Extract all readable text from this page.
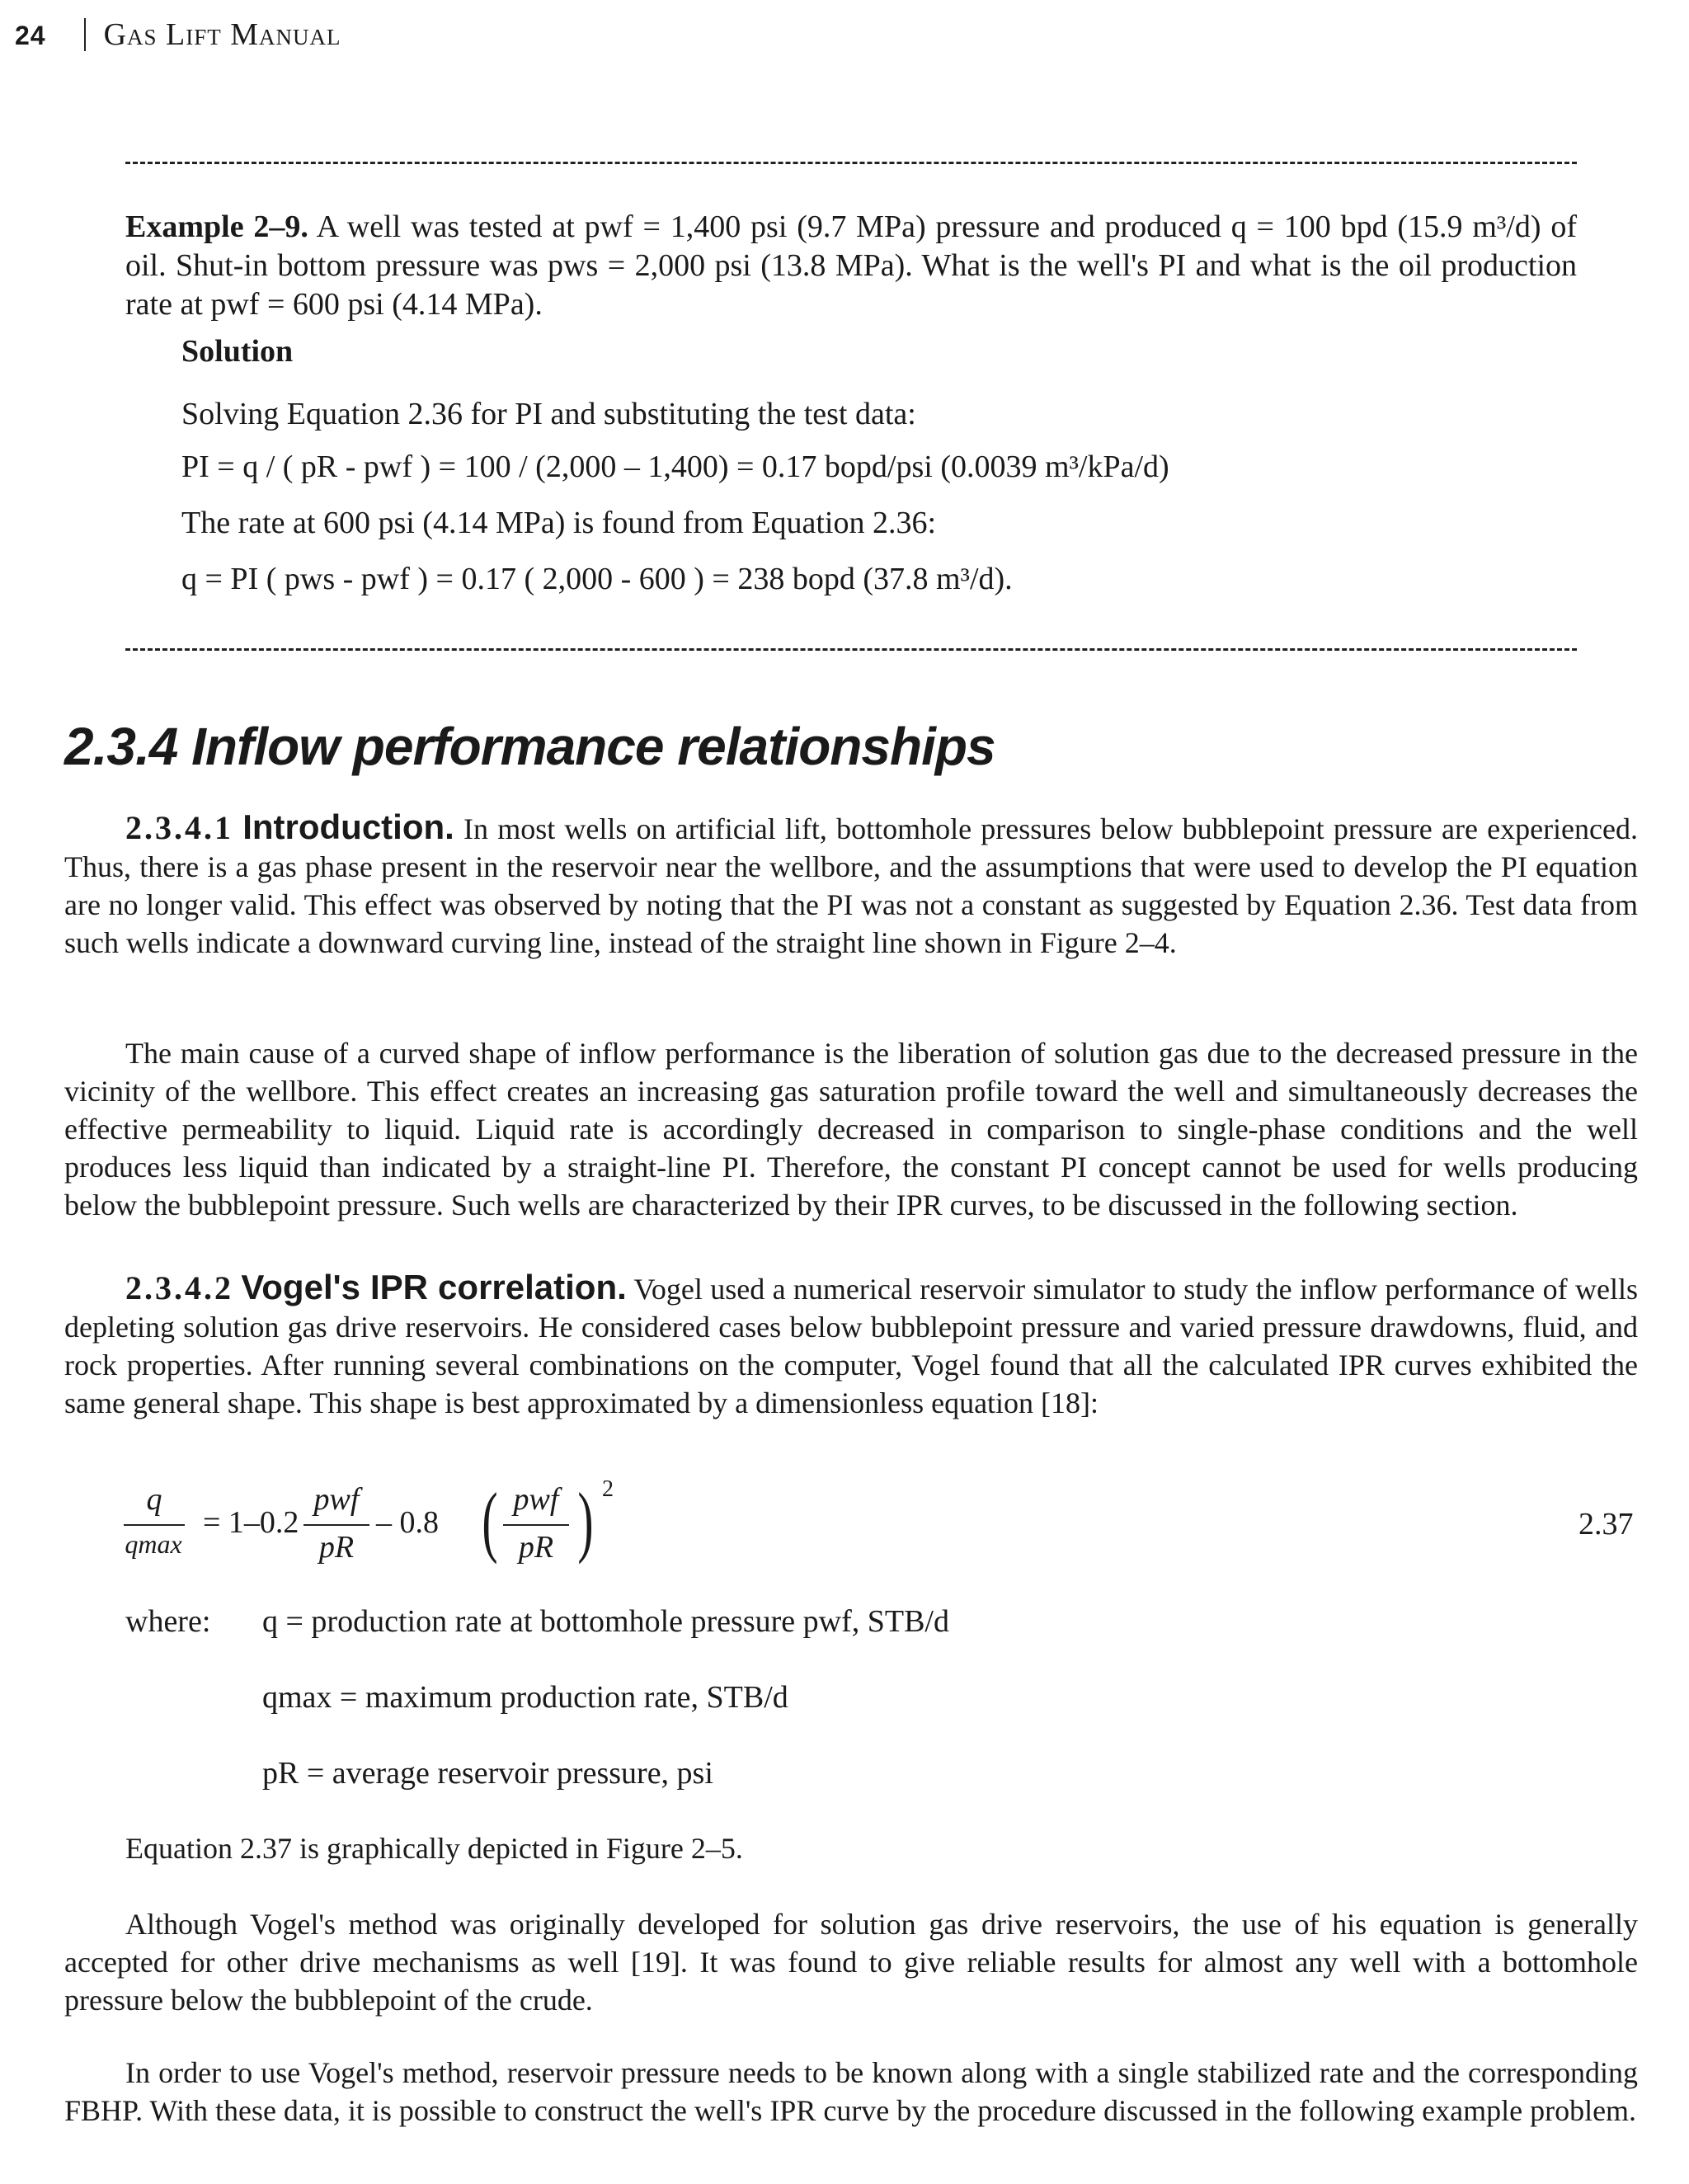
24 Gas Lift Manual
Example 2–9. A well was tested at pwf = 1,400 psi (9.7 MPa) pressure and produced q = 100 bpd (15.9 m³/d) of oil. Shut-in bottom pressure was pws = 2,000 psi (13.8 MPa). What is the well's PI and what is the oil production rate at pwf = 600 psi (4.14 MPa).
Solution
Solving Equation 2.36 for PI and substituting the test data:
PI = q / ( pR - pwf ) = 100 / (2,000 – 1,400) = 0.17 bopd/psi (0.0039 m³/kPa/d)
The rate at 600 psi (4.14 MPa) is found from Equation 2.36:
q = PI ( pws - pwf ) = 0.17 ( 2,000 - 600 ) = 238 bopd (37.8 m³/d).
2.3.4 Inflow performance relationships
2.3.4.1 Introduction. In most wells on artificial lift, bottomhole pressures below bubblepoint pressure are experienced. Thus, there is a gas phase present in the reservoir near the wellbore, and the assumptions that were used to develop the PI equation are no longer valid. This effect was observed by noting that the PI was not a constant as suggested by Equation 2.36. Test data from such wells indicate a downward curving line, instead of the straight line shown in Figure 2–4.
The main cause of a curved shape of inflow performance is the liberation of solution gas due to the decreased pressure in the vicinity of the wellbore. This effect creates an increasing gas saturation profile toward the well and simultaneously decreases the effective permeability to liquid. Liquid rate is accordingly decreased in comparison to single-phase conditions and the well produces less liquid than indicated by a straight-line PI. Therefore, the constant PI concept cannot be used for wells producing below the bubblepoint pressure. Such wells are characterized by their IPR curves, to be discussed in the following section.
2.3.4.2 Vogel's IPR correlation. Vogel used a numerical reservoir simulator to study the inflow performance of wells depleting solution gas drive reservoirs. He considered cases below bubblepoint pressure and varied pressure drawdowns, fluid, and rock properties. After running several combinations on the computer, Vogel found that all the calculated IPR curves exhibited the same general shape. This shape is best approximated by a dimensionless equation [18]:
q
qmax
= 1–0.2
pwf
pR
– 0.8 ( pwf
pR ) 2
2.37
where: q = production rate at bottomhole pressure pwf, STB/d
qmax = maximum production rate, STB/d
pR = average reservoir pressure, psi
Equation 2.37 is graphically depicted in Figure 2–5.
Although Vogel's method was originally developed for solution gas drive reservoirs, the use of his equation is generally accepted for other drive mechanisms as well [19]. It was found to give reliable results for almost any well with a bottomhole pressure below the bubblepoint of the crude.
In order to use Vogel's method, reservoir pressure needs to be known along with a single stabilized rate and the corresponding FBHP. With these data, it is possible to construct the well's IPR curve by the procedure discussed in the following example problem.
